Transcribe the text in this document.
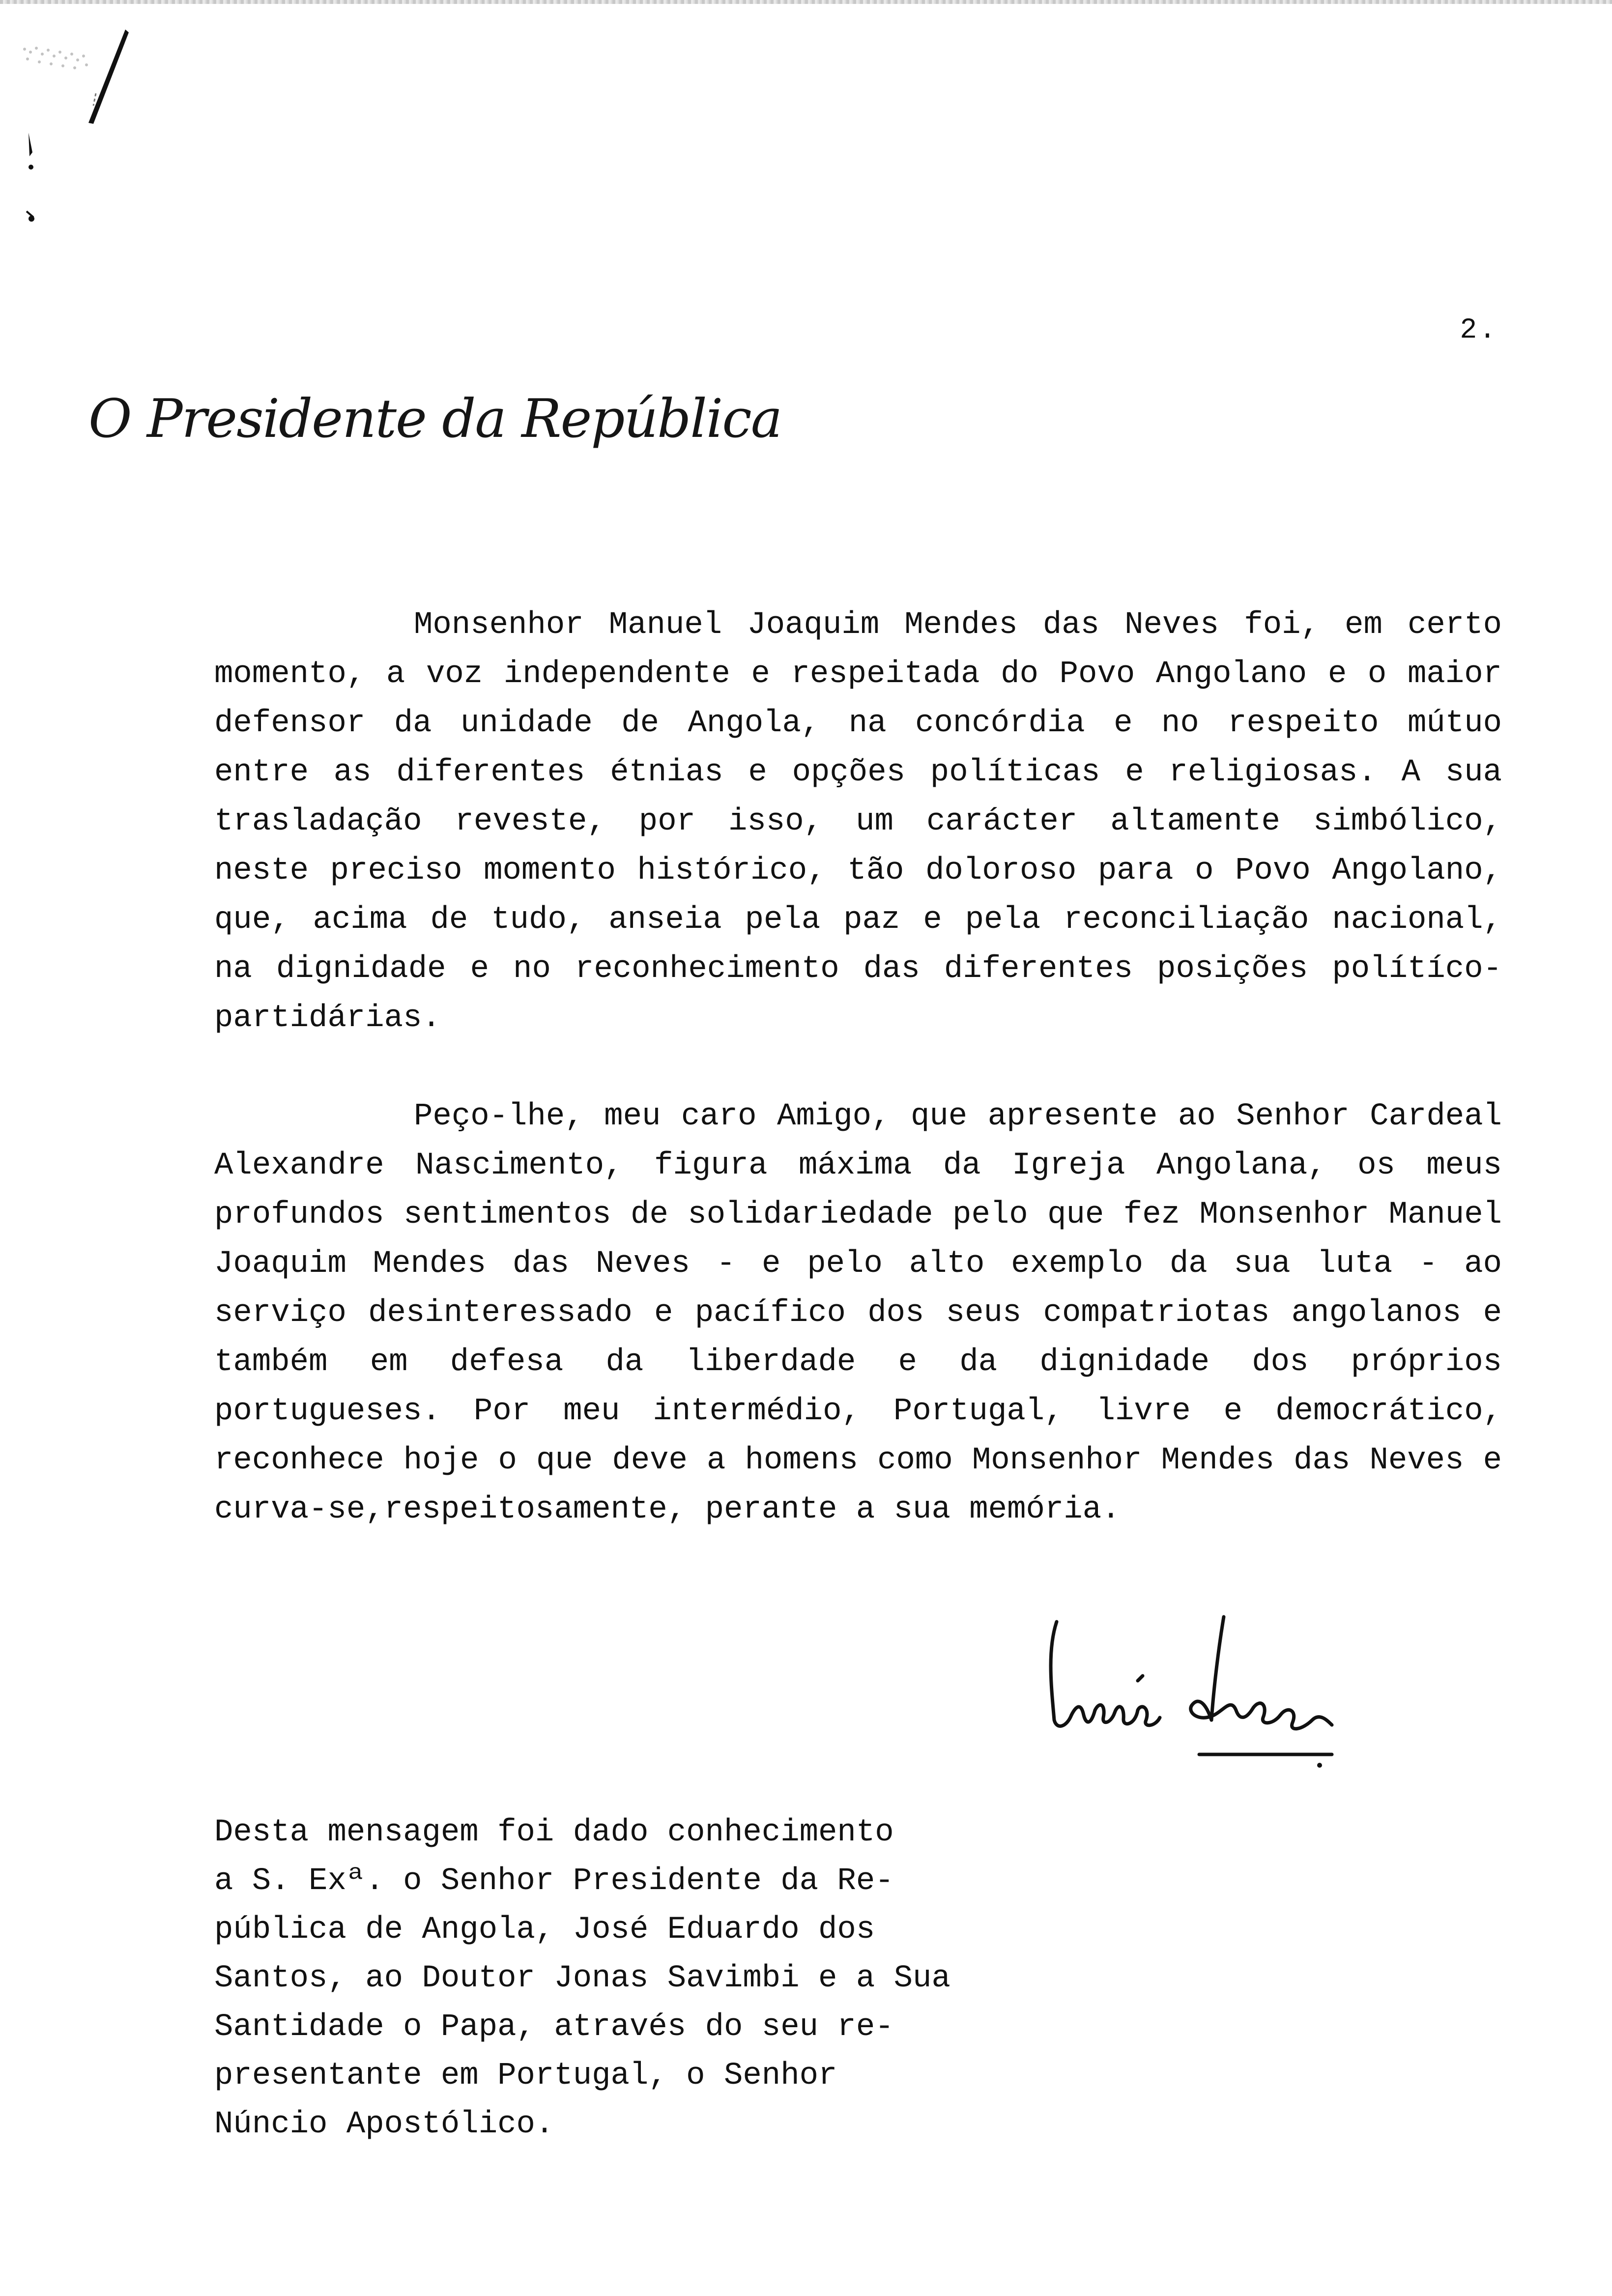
2.
O Presidente da República

Monsenhor Manuel Joaquim Mendes das Neves foi, em certo momento, a voz independente e respeitada do Povo Angolano e o maior defensor da unidade de Angola, na concórdia e no respeito mútuo entre as diferentes étnias e opções políticas e religiosas. A sua trasladação reveste, por isso, um carácter altamente simbólico, neste preciso momento histórico, tão doloroso para o Povo Angolano, que, acima de tudo, anseia pela paz e pela reconciliação nacional, na dignidade e no reconhecimento das diferentes posições polítíco-partidárias.

Peço-lhe, meu caro Amigo, que apresente ao Senhor Cardeal Alexandre Nascimento, figura máxima da Igreja Angolana, os meus profundos sentimentos de solidariedade pelo que fez Monsenhor Manuel Joaquim Mendes das Neves - e pelo alto exemplo da sua luta - ao serviço desinteressado e pacífico dos seus compatriotas angolanos e também em defesa da liberdade e da dignidade dos próprios portugueses. Por meu intermédio, Portugal, livre e democrático, reconhece hoje o que deve a homens como Monsenhor Mendes das Neves e curva-se,respeitosamente, perante a sua memória.

Desta mensagem foi dado conhecimento
a S. Exª. o Senhor Presidente da Re-
pública de Angola, José Eduardo dos
Santos, ao Doutor Jonas Savimbi e a Sua
Santidade o Papa, através do seu re-
presentante em Portugal, o Senhor
Núncio Apostólico.
